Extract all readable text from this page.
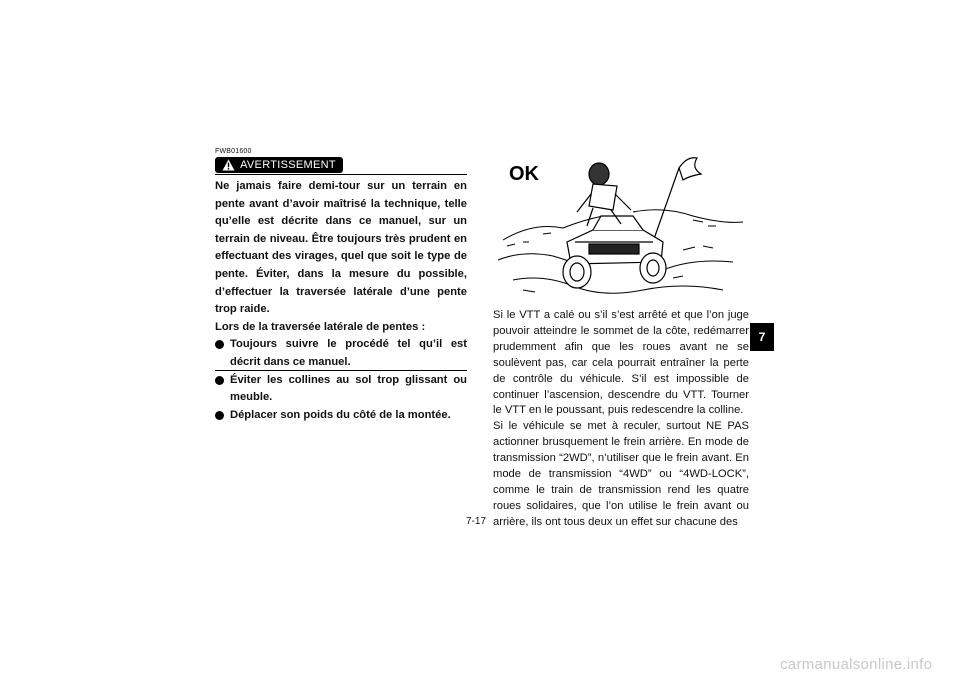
FWB01600
AVERTISSEMENT

Ne jamais faire demi-tour sur un terrain en pente avant d’avoir maîtrisé la technique, telle qu’elle est décrite dans ce manuel, sur un terrain de niveau. Être toujours très prudent en effectuant des virages, quel que soit le type de pente. Éviter, dans la mesure du possible, d’effectuer la traversée latérale d’une pente trop raide.

Lors de la traversée latérale de pentes :

Toujours suivre le procédé tel qu’il est décrit dans ce manuel.
Éviter les collines au sol trop glissant ou meuble.
Déplacer son poids du côté de la montée.
OK

Si le VTT a calé ou s’il s’est arrêté et que l’on juge pouvoir atteindre le sommet de la côte, redémarrer prudemment afin que les roues avant ne se soulèvent pas, car cela pourrait entraîner la perte de contrôle du véhicule. S’il est impossible de continuer l’ascension, descendre du VTT. Tourner le VTT en le poussant, puis redescendre la colline.

Si le véhicule se met à reculer, surtout NE PAS actionner brusquement le frein arrière. En mode de transmission “2WD”, n’utiliser que le frein avant. En mode de transmission “4WD” ou “4WD-LOCK”, comme le train de transmission rend les quatre roues solidaires, que l’on utilise le frein avant ou arrière, ils ont tous deux un effet sur chacune des

7
7-17
carmanualsonline.info
